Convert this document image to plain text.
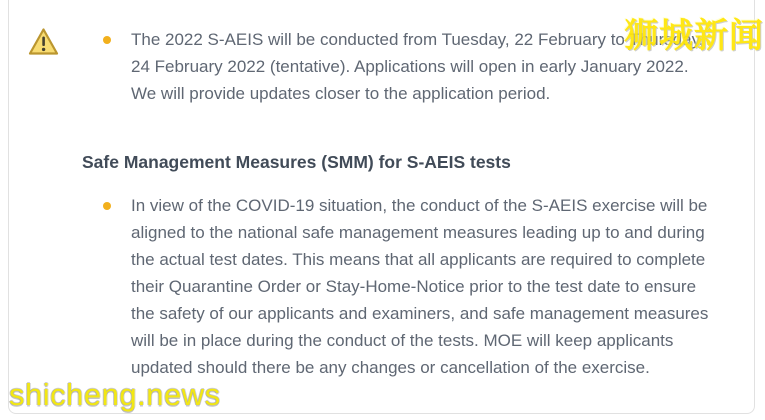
The 2022 S-AEIS will be conducted from Tuesday, 22 February to Thursday,
24 February 2022 (tentative). Applications will open in early January 2022.
We will provide updates closer to the application period.
Safe Management Measures (SMM) for S-AEIS tests
In view of the COVID-19 situation, the conduct of the S-AEIS exercise will be
aligned to the national safe management measures leading up to and during
the actual test dates. This means that all applicants are required to complete
their Quarantine Order or Stay-Home-Notice prior to the test date to ensure
the safety of our applicants and examiners, and safe management measures
will be in place during the conduct of the tests. MOE will keep applicants
updated should there be any changes or cancellation of the exercise.
狮城新闻
shicheng.news
